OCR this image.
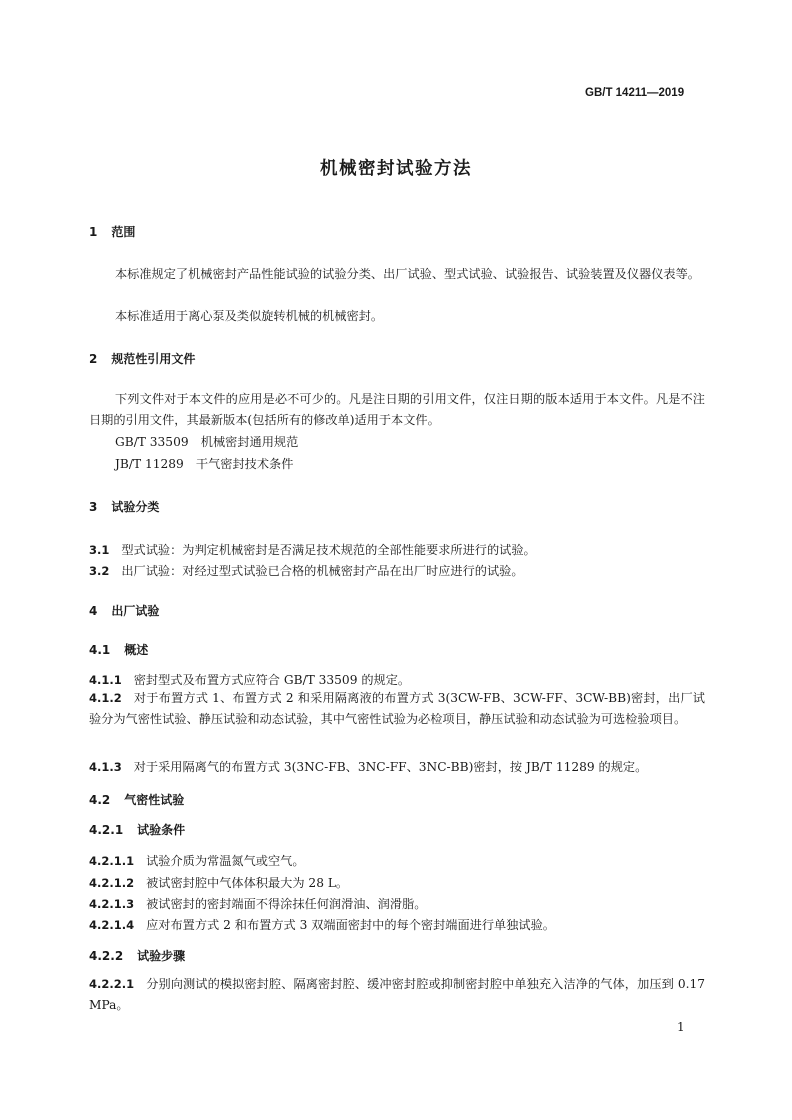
GB/T 14211—2019
机械密封试验方法
1 范围
本标准规定了机械密封产品性能试验的试验分类、出厂试验、型式试验、试验报告、试验装置及仪器仪表等。
本标准适用于离心泵及类似旋转机械的机械密封。
2 规范性引用文件
下列文件对于本文件的应用是必不可少的。凡是注日期的引用文件，仅注日期的版本适用于本文件。凡是不注日期的引用文件，其最新版本(包括所有的修改单)适用于本文件。
GB/T 33509　机械密封通用规范
JB/T 11289　干气密封技术条件
3 试验分类
3.1 型式试验：为判定机械密封是否满足技术规范的全部性能要求所进行的试验。
3.2 出厂试验：对经过型式试验已合格的机械密封产品在出厂时应进行的试验。
4 出厂试验
4.1 概述
4.1.1 密封型式及布置方式应符合 GB/T 33509 的规定。
4.1.2 对于布置方式 1、布置方式 2 和采用隔离液的布置方式 3(3CW-FB、3CW-FF、3CW-BB)密封，出厂试验分为气密性试验、静压试验和动态试验，其中气密性试验为必检项目，静压试验和动态试验为可选检验项目。
4.1.3 对于采用隔离气的布置方式 3(3NC-FB、3NC-FF、3NC-BB)密封，按 JB/T 11289 的规定。
4.2 气密性试验
4.2.1 试验条件
4.2.1.1 试验介质为常温氮气或空气。
4.2.1.2 被试密封腔中气体体积最大为 28 L。
4.2.1.3 被试密封的密封端面不得涂抹任何润滑油、润滑脂。
4.2.1.4 应对布置方式 2 和布置方式 3 双端面密封中的每个密封端面进行单独试验。
4.2.2 试验步骤
4.2.2.1 分别向测试的模拟密封腔、隔离密封腔、缓冲密封腔或抑制密封腔中单独充入洁净的气体，加压到 0.17 MPa。
1
